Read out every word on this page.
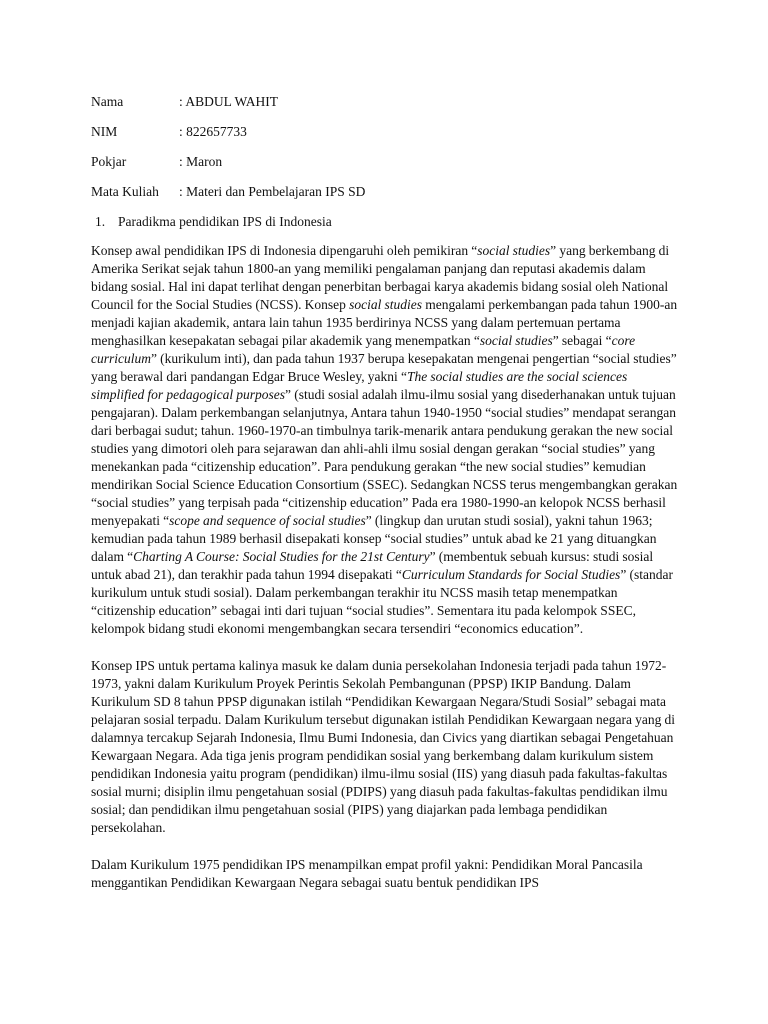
Nama	: ABDUL WAHIT
NIM	: 822657733
Pokjar	: Maron
Mata Kuliah	: Materi dan Pembelajaran IPS SD
1. Paradikma pendidikan IPS di Indonesia

Konsep awal pendidikan IPS di Indonesia dipengaruhi oleh pemikiran “social studies” yang berkembang di Amerika Serikat sejak tahun 1800-an yang memiliki pengalaman panjang dan reputasi akademis dalam bidang sosial. Hal ini dapat terlihat dengan penerbitan berbagai karya akademis bidang sosial oleh National Council for the Social Studies (NCSS). Konsep social studies mengalami perkembangan pada tahun 1900-an menjadi kajian akademik, antara lain tahun 1935 berdirinya NCSS yang dalam pertemuan pertama menghasilkan kesepakatan sebagai pilar akademik yang menempatkan “social studies” sebagai “core curriculum” (kurikulum inti), dan pada tahun 1937 berupa kesepakatan mengenai pengertian “social studies” yang berawal dari pandangan Edgar Bruce Wesley, yakni “The social studies are the social sciences simplified for pedagogical purposes” (studi sosial adalah ilmu-ilmu sosial yang disederhanakan untuk tujuan pengajaran). Dalam perkembangan selanjutnya, Antara tahun 1940-1950 “social studies” mendapat serangan dari berbagai sudut; tahun. 1960-1970-an timbulnya tarik-menarik antara pendukung gerakan the new social studies yang dimotori oleh para sejarawan dan ahli-ahli ilmu sosial dengan gerakan “social studies” yang menekankan pada “citizenship education”. Para pendukung gerakan “the new social studies” kemudian mendirikan Social Science Education Consortium (SSEC). Sedangkan NCSS terus mengembangkan gerakan “social studies” yang terpisah pada “citizenship education” Pada era 1980-1990-an kelopok NCSS berhasil menyepakati “scope and sequence of social studies” (lingkup dan urutan studi sosial), yakni tahun 1963; kemudian pada tahun 1989 berhasil disepakati konsep “social studies” untuk abad ke 21 yang dituangkan dalam “Charting A Course: Social Studies for the 21st Century” (membentuk sebuah kursus: studi sosial untuk abad 21), dan terakhir pada tahun 1994 disepakati “Curriculum Standards for Social Studies” (standar kurikulum untuk studi sosial). Dalam perkembangan terakhir itu NCSS masih tetap menempatkan “citizenship education” sebagai inti dari tujuan “social studies”. Sementara itu pada kelompok SSEC, kelompok bidang studi ekonomi mengembangkan secara tersendiri “economics education”.

Konsep IPS untuk pertama kalinya masuk ke dalam dunia persekolahan Indonesia terjadi pada tahun 1972-1973, yakni dalam Kurikulum Proyek Perintis Sekolah Pembangunan (PPSP) IKIP Bandung. Dalam Kurikulum SD 8 tahun PPSP digunakan istilah “Pendidikan Kewargaan Negara/Studi Sosial” sebagai mata pelajaran sosial terpadu. Dalam Kurikulum tersebut digunakan istilah Pendidikan Kewargaan negara yang di dalamnya tercakup Sejarah Indonesia, Ilmu Bumi Indonesia, dan Civics yang diartikan sebagai Pengetahuan Kewargaan Negara. Ada tiga jenis program pendidikan sosial yang berkembang dalam kurikulum sistem pendidikan Indonesia yaitu program (pendidikan) ilmu-ilmu sosial (IIS) yang diasuh pada fakultas-fakultas sosial murni; disiplin ilmu pengetahuan sosial (PDIPS) yang diasuh pada fakultas-fakultas pendidikan ilmu sosial; dan pendidikan ilmu pengetahuan sosial (PIPS) yang diajarkan pada lembaga pendidikan persekolahan.

Dalam Kurikulum 1975 pendidikan IPS menampilkan empat profil yakni: Pendidikan Moral Pancasila menggantikan Pendidikan Kewargaan Negara sebagai suatu bentuk pendidikan IPS
